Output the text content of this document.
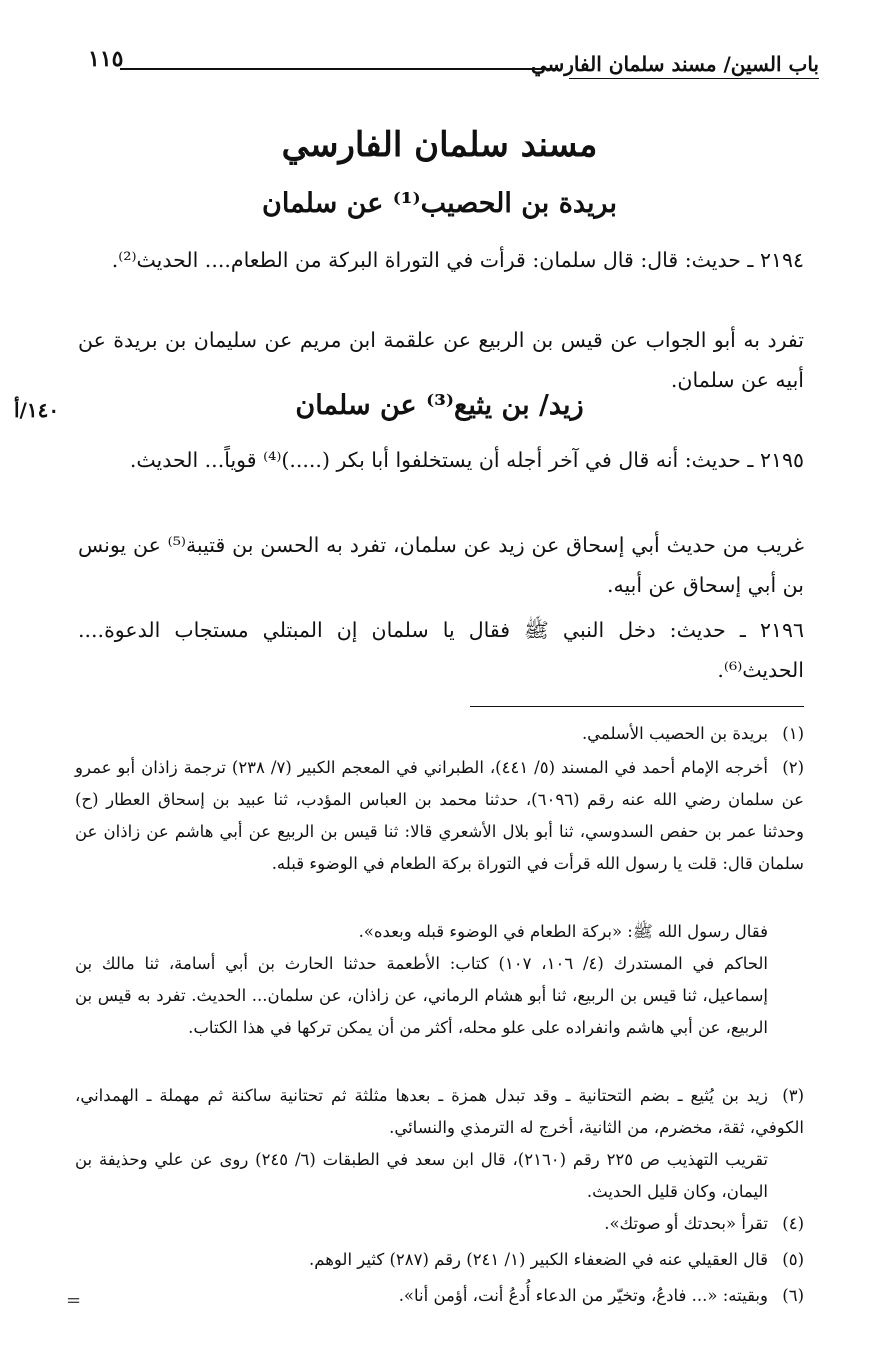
باب السين/ مسند سلمان الفارسي
١١٥
مسند سلمان الفارسي
بريدة بن الحصيب⁽¹⁾ عن سلمان
٢١٩٤ ـ حديث: قال: قال سلمان: قرأت في التوراة البركة من الطعام.... الحديث⁽²⁾.
تفرد به أبو الجواب عن قيس بن الربيع عن علقمة ابن مريم عن سليمان بن بريدة عن أبيه عن سلمان.
١٤٠/أ	زيد/ بن يثيع⁽³⁾ عن سلمان
٢١٩٥ ـ حديث: أنه قال في آخر أجله أن يستخلفوا أبا بكر (.....)⁽⁴⁾ قوياً... الحديث.
غريب من حديث أبي إسحاق عن زيد عن سلمان، تفرد به الحسن بن قتيبة⁽⁵⁾ عن يونس بن أبي إسحاق عن أبيه.
٢١٩٦ ـ حديث: دخل النبي ﷺ فقال يا سلمان إن المبتلي مستجاب الدعوة.... الحديث⁽⁶⁾.
(١)بريدة بن الحصيب الأسلمي.
(٢)أخرجه الإمام أحمد في المسند (٥/ ٤٤١)، الطبراني في المعجم الكبير (٧/ ٢٣٨) ترجمة زاذان أبو عمرو عن سلمان رضي الله عنه رقم (٦٠٩٦)، حدثنا محمد بن العباس المؤدب، ثنا عبيد بن إسحاق العطار (ح) وحدثنا عمر بن حفص السدوسي، ثنا أبو بلال الأشعري قالا: ثنا قيس بن الربيع عن أبي هاشم عن زاذان عن سلمان قال: قلت يا رسول الله قرأت في التوراة بركة الطعام في الوضوء قبله.
فقال رسول الله ﷺ: «بركة الطعام في الوضوء قبله وبعده».
الحاكم في المستدرك (٤/ ١٠٦، ١٠٧) كتاب: الأطعمة حدثنا الحارث بن أبي أسامة، ثنا مالك بن إسماعيل، ثنا قيس بن الربيع، ثنا أبو هشام الرماني، عن زاذان، عن سلمان... الحديث. تفرد به قيس بن الربيع، عن أبي هاشم وانفراده على علو محله، أكثر من أن يمكن تركها في هذا الكتاب.
(٣)زيد بن يُثيع ـ بضم التحتانية ـ وقد تبدل همزة ـ بعدها مثلثة ثم تحتانية ساكنة ثم مهملة ـ الهمداني، الكوفي، ثقة، مخضرم، من الثانية، أخرج له الترمذي والنسائي.
تقريب التهذيب ص ٢٢٥ رقم (٢١٦٠)، قال ابن سعد في الطبقات (٦/ ٢٤٥) روى عن علي وحذيفة بن اليمان، وكان قليل الحديث.
(٤)تقرأ «بحدتك أو صوتك».
(٥)قال العقيلي عنه في الضعفاء الكبير (١/ ٢٤١) رقم (٢٨٧) كثير الوهم.
(٦)وبقيته: «... فادعُ، وتخيّر من الدعاء أُدعُ أنت، أؤمن أنا».
=
